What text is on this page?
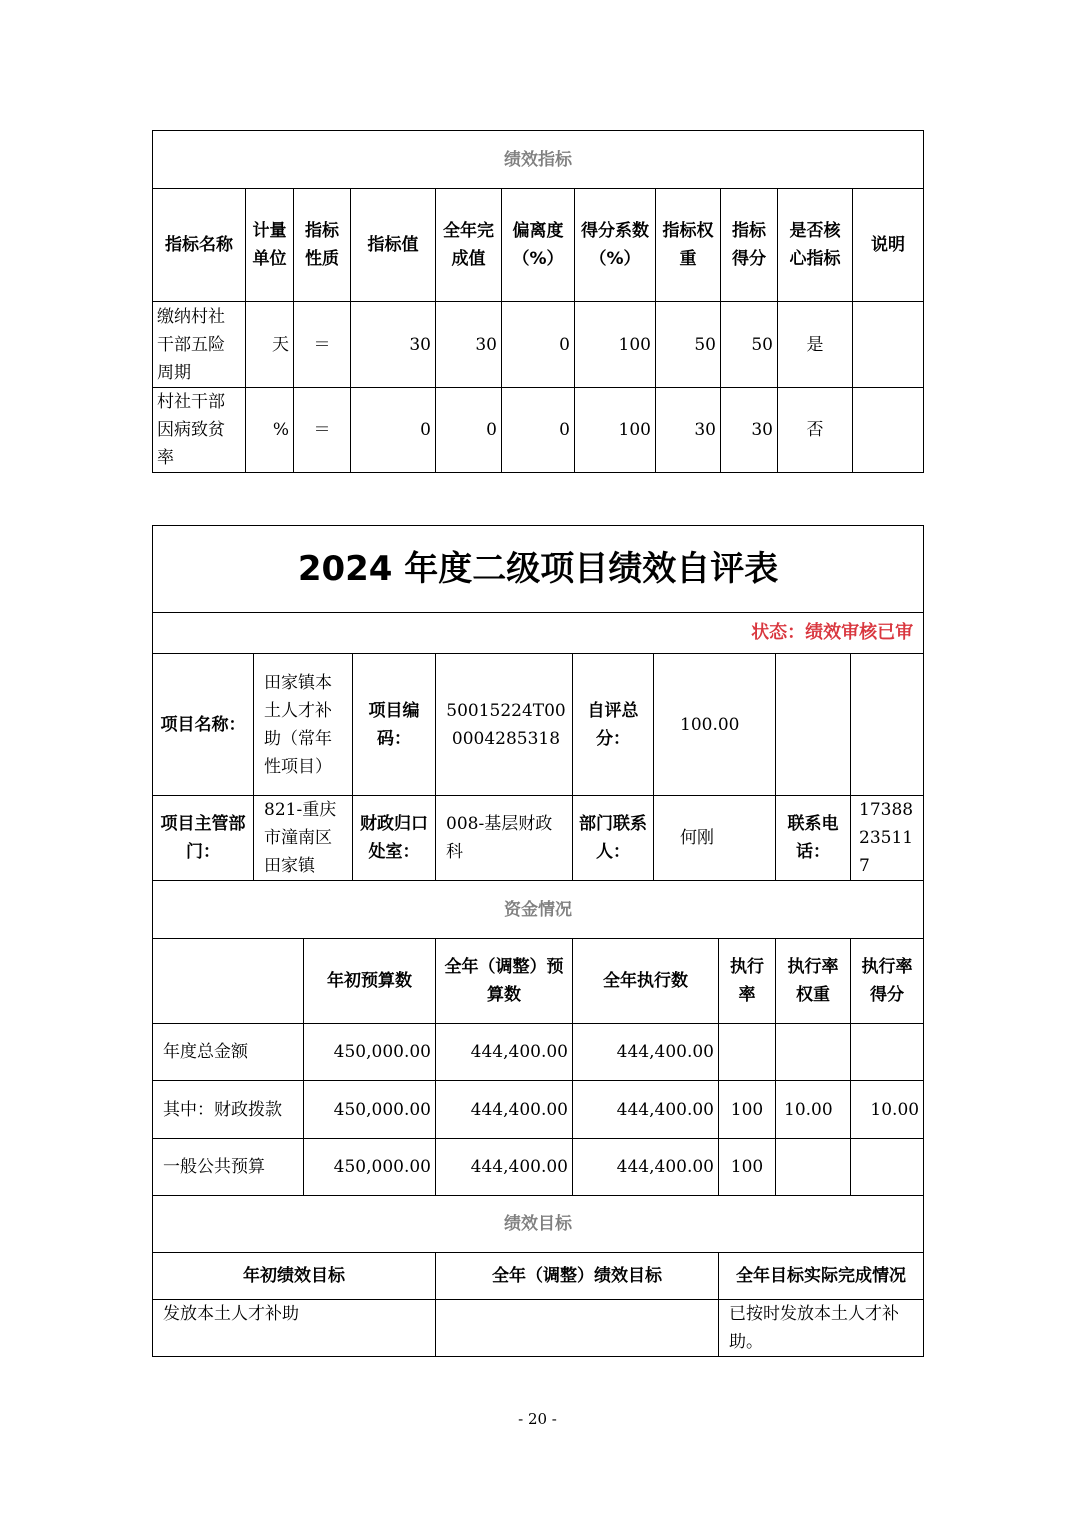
绩效指标										
指标名称	计量单位	指标性质	指标值	全年完成值	偏离度（%）	得分系数（%）	指标权重	指标得分	是否核心指标	说明
缴纳村社干部五险周期	天	＝	30	30	0	100	50	50	是	
村社干部因病致贫率	%	＝	0	0	0	100	30	30	否	
2024 年度二级项目绩效自评表									
状态：绩效审核已审									
项目名称：	田家镇本土人才补助（常年性项目）		项目编码：	50015224T000004285318	自评总分：	100.00			
项目主管部门：	821-重庆市潼南区田家镇		财政归口处室：	008-基层财政科	部门联系人：	何刚		联系电话：	17388235117
资金情况									
		年初预算数		全年（调整）预算数	全年执行数		执行率	执行率权重	执行率得分
年度总金额		450,000.00		444,400.00	444,400.00				
其中：财政拨款		450,000.00		444,400.00	444,400.00		100	10.00	10.00
一般公共预算		450,000.00		444,400.00	444,400.00		100		
绩效目标									
年初绩效目标				全年（调整）绩效目标			全年目标实际完成情况		
发放本土人才补助							已按时发放本土人才补助。		
- 20 -
